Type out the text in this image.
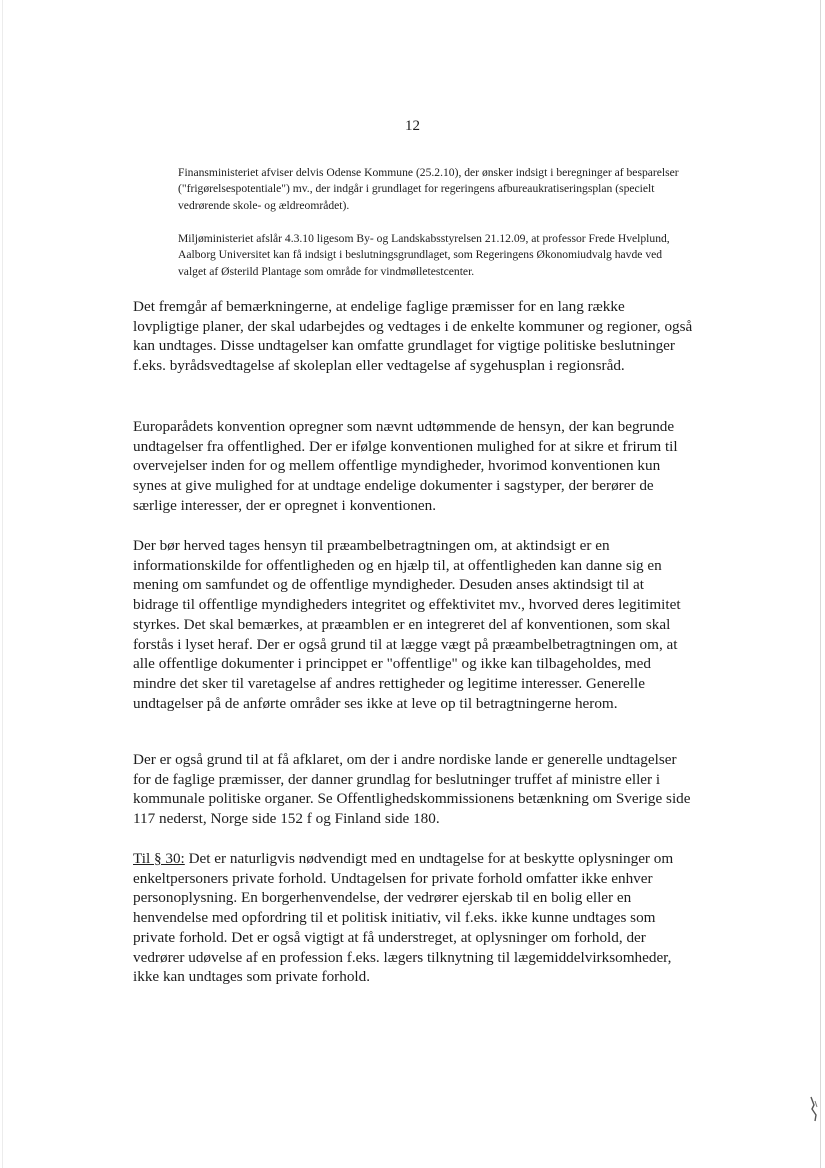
12

Finansministeriet afviser delvis Odense Kommune (25.2.10), der ønsker indsigt i beregninger af besparelser ("frigørelsespotentiale") mv., der indgår i grundlaget for regeringens afbureaukratiseringsplan (specielt vedrørende skole- og ældreområdet).

Miljøministeriet afslår 4.3.10 ligesom By- og Landskabsstyrelsen 21.12.09, at professor Frede Hvelplund, Aalborg Universitet kan få indsigt i beslutningsgrundlaget, som Regeringens Økonomiudvalg havde ved valget af Østerild Plantage som område for vindmølletestcenter.

Det fremgår af bemærkningerne, at endelige faglige præmisser for en lang række lovpligtige planer, der skal udarbejdes og vedtages i de enkelte kommuner og regioner, også kan undtages. Disse undtagelser kan omfatte grundlaget for vigtige politiske beslutninger f.eks. byrådsvedtagelse af skoleplan eller vedtagelse af sygehusplan i regionsråd.

Europarådets konvention opregner som nævnt udtømmende de hensyn, der kan begrunde undtagelser fra offentlighed. Der er ifølge konventionen mulighed for at sikre et frirum til overvejelser inden for og mellem offentlige myndigheder, hvorimod konventionen kun synes at give mulighed for at undtage endelige dokumenter i sagstyper, der berører de særlige interesser, der er opregnet i konventionen.

Der bør herved tages hensyn til præambelbetragtningen om, at aktindsigt er en informationskilde for offentligheden og en hjælp til, at offentligheden kan danne sig en mening om samfundet og de offentlige myndigheder. Desuden anses aktindsigt til at bidrage til offentlige myndigheders integritet og effektivitet mv., hvorved deres legitimitet styrkes. Det skal bemærkes, at præamblen er en integreret del af konventionen, som skal forstås i lyset heraf. Der er også grund til at lægge vægt på præambelbetragtningen om, at alle offentlige dokumenter i princippet er "offentlige" og ikke kan tilbageholdes, med mindre det sker til varetagelse af andres rettigheder og legitime interesser. Generelle undtagelser på de anførte områder ses ikke at leve op til betragtningerne herom.

Der er også grund til at få afklaret, om der i andre nordiske lande er generelle undtagelser for de faglige præmisser, der danner grundlag for beslutninger truffet af ministre eller i kommunale politiske organer. Se Offentlighedskommissionens betænkning om Sverige side 117 nederst, Norge side 152 f og Finland side 180.

Til § 30: Det er naturligvis nødvendigt med en undtagelse for at beskytte oplysninger om enkeltpersoners private forhold. Undtagelsen for private forhold omfatter ikke enhver personoplysning. En borgerhenvendelse, der vedrører ejerskab til en bolig eller en henvendelse med opfordring til et politisk initiativ, vil f.eks. ikke kunne undtages som private forhold. Det er også vigtigt at få understreget, at oplysninger om forhold, der vedrører udøvelse af en profession f.eks. lægers tilknytning til lægemiddelvirksomheder, ikke kan undtages som private forhold.
